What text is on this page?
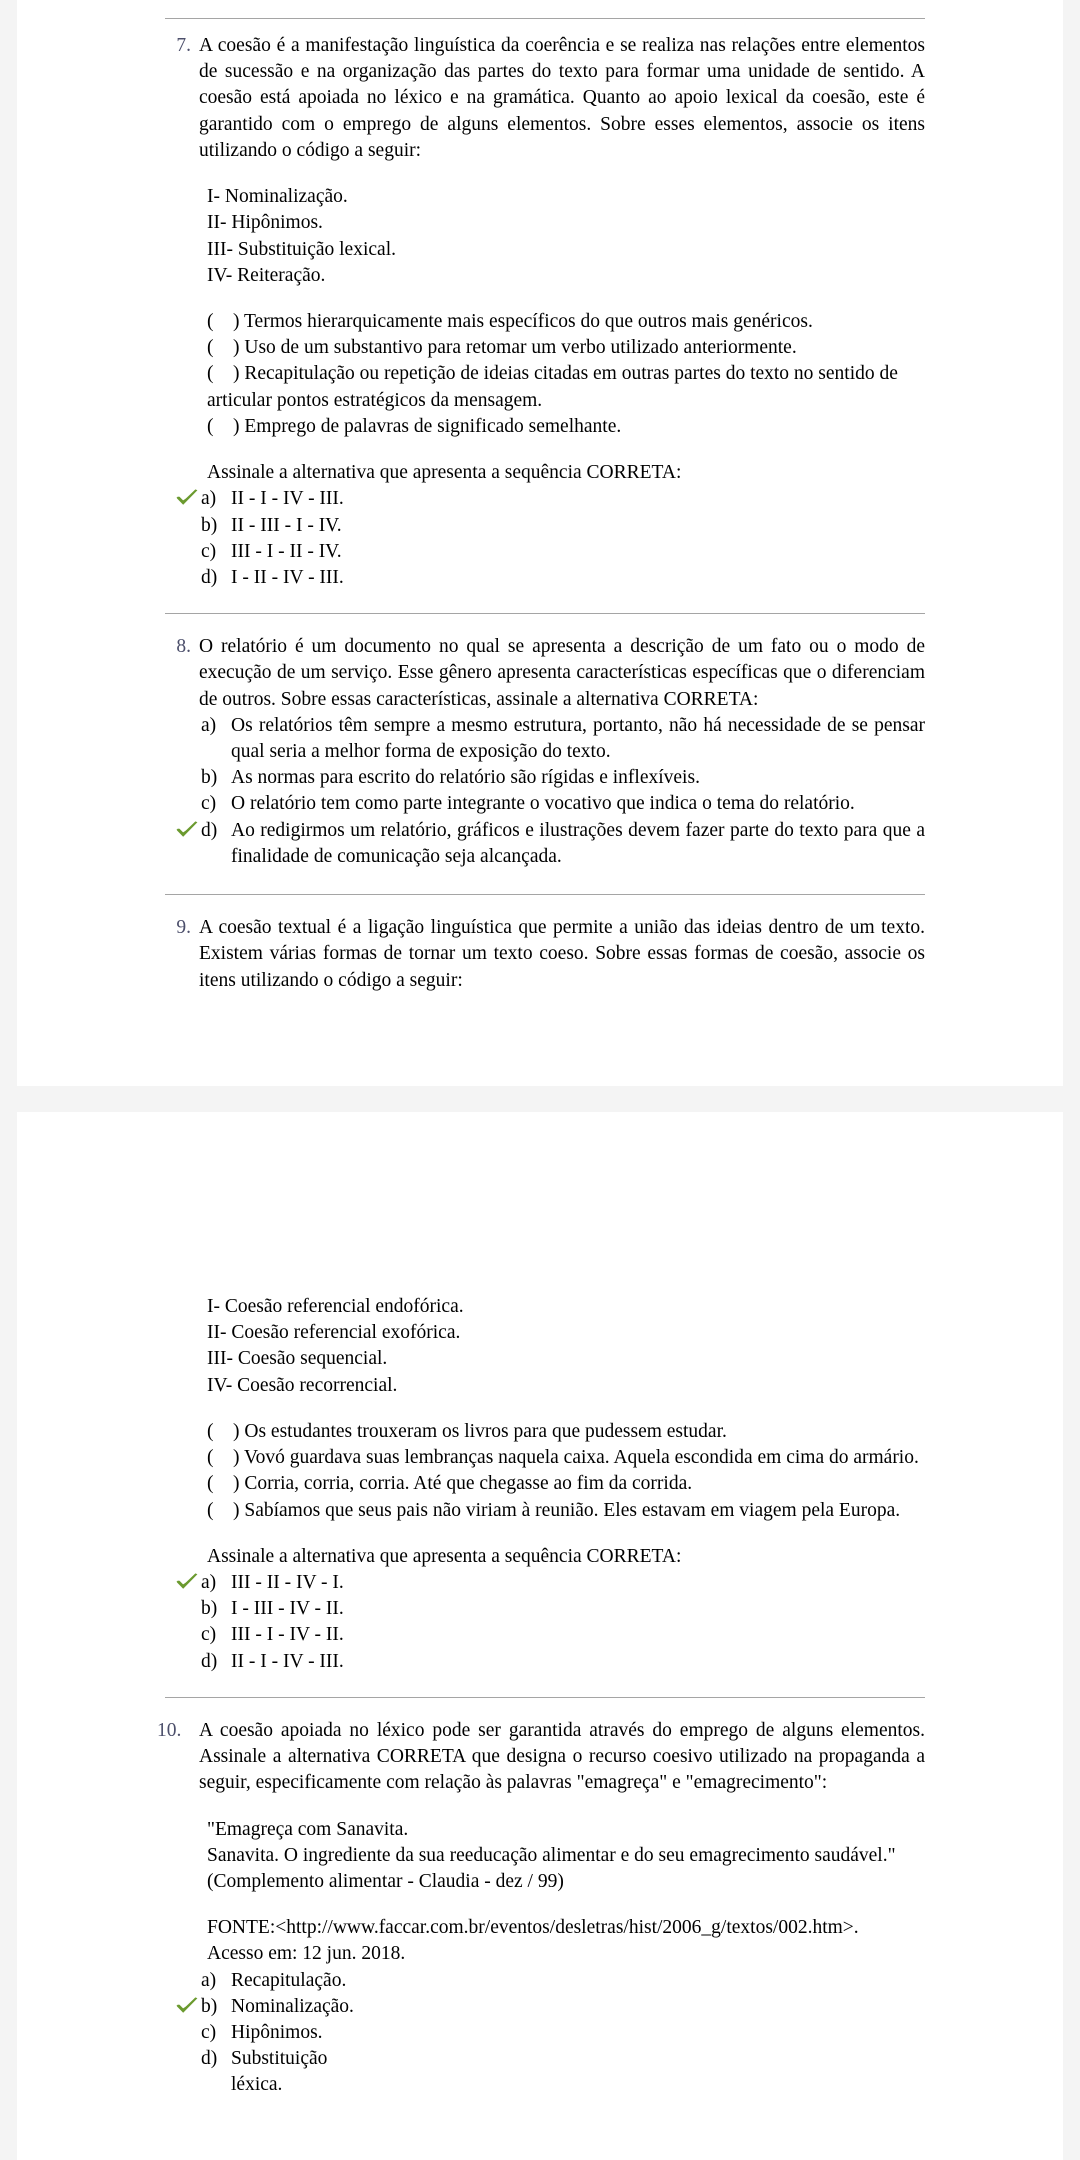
7. A coesão é a manifestação linguística da coerência e se realiza nas relações entre elementos de sucessão e na organização das partes do texto para formar uma unidade de sentido. A coesão está apoiada no léxico e na gramática. Quanto ao apoio lexical da coesão, este é garantido com o emprego de alguns elementos. Sobre esses elementos, associe os itens utilizando o código a seguir:

I- Nominalização.
II- Hipônimos.
III- Substituição lexical.
IV- Reiteração.
(    ) Termos hierarquicamente mais específicos do que outros mais genéricos.
(    ) Uso de um substantivo para retomar um verbo utilizado anteriormente.
(    ) Recapitulação ou repetição de ideias citadas em outras partes do texto no sentido de articular pontos estratégicos da mensagem.
(    ) Emprego de palavras de significado semelhante.
Assinale a alternativa que apresenta a sequência CORRETA:
a) II - I - IV - III.
b) II - III - I - IV.
c) III - I - II - IV.
d) I - II - IV - III.
8. O relatório é um documento no qual se apresenta a descrição de um fato ou o modo de execução de um serviço. Esse gênero apresenta características específicas que o diferenciam de outros. Sobre essas características, assinale a alternativa CORRETA:

a) Os relatórios têm sempre a mesmo estrutura, portanto, não há necessidade de se pensar qual seria a melhor forma de exposição do texto.
b) As normas para escrito do relatório são rígidas e inflexíveis.
c) O relatório tem como parte integrante o vocativo que indica o tema do relatório.
d) Ao redigirmos um relatório, gráficos e ilustrações devem fazer parte do texto para que a finalidade de comunicação seja alcançada.
9. A coesão textual é a ligação linguística que permite a união das ideias dentro de um texto. Existem várias formas de tornar um texto coeso. Sobre essas formas de coesão, associe os itens utilizando o código a seguir:

I- Coesão referencial endofórica.
II- Coesão referencial exofórica.
III- Coesão sequencial.
IV- Coesão recorrencial.
(    ) Os estudantes trouxeram os livros para que pudessem estudar.
(    ) Vovó guardava suas lembranças naquela caixa. Aquela escondida em cima do armário.
(    ) Corria, corria, corria. Até que chegasse ao fim da corrida.
(    ) Sabíamos que seus pais não viriam à reunião. Eles estavam em viagem pela Europa.
Assinale a alternativa que apresenta a sequência CORRETA:
a) III - II - IV - I.
b) I - III - IV - II.
c) III - I - IV - II.
d) II - I - IV - III.
10. A coesão apoiada no léxico pode ser garantida através do emprego de alguns elementos. Assinale a alternativa CORRETA que designa o recurso coesivo utilizado na propaganda a seguir, especificamente com relação às palavras "emagreça" e "emagrecimento":

"Emagreça com Sanavita.
Sanavita. O ingrediente da sua reeducação alimentar e do seu emagrecimento saudável."
(Complemento alimentar - Claudia - dez / 99)
FONTE:<http://www.faccar.com.br/eventos/desletras/hist/2006_g/textos/002.htm>.
Acesso em: 12 jun. 2018.
a) Recapitulação.
b) Nominalização.
c) Hipônimos.
d) Substituição
léxica.
